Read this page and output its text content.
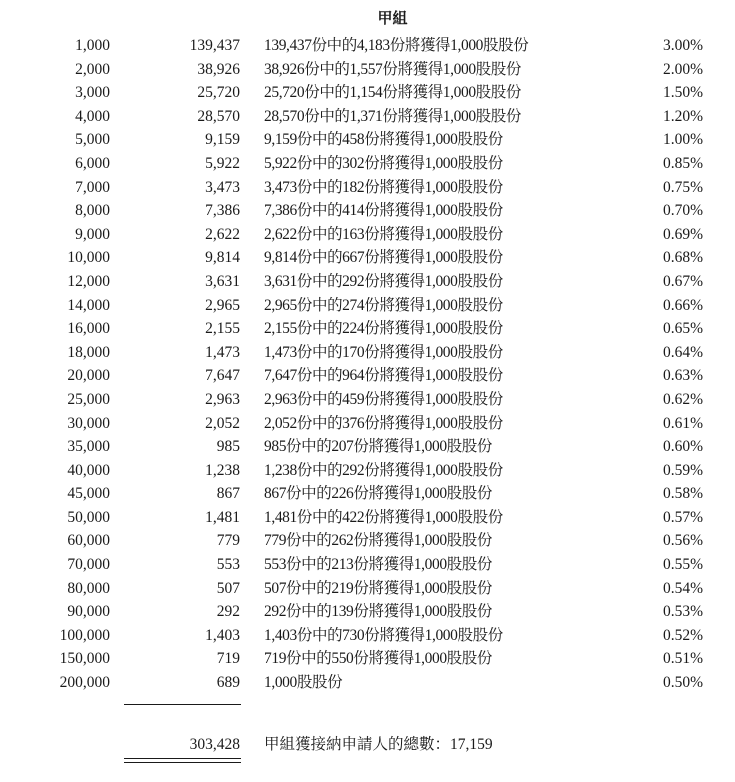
甲組
1,000	139,437 139,437份中的4,183份將獲得1,000股股份	3.00%
2,000	38,926 38,926份中的1,557份將獲得1,000股股份	2.00%
3,000	25,720 25,720份中的1,154份將獲得1,000股股份	1.50%
4,000	28,570 28,570份中的1,371份將獲得1,000股股份	1.20%
5,000	9,159 9,159份中的458份將獲得1,000股股份	1.00%
6,000	5,922 5,922份中的302份將獲得1,000股股份	0.85%
7,000	3,473 3,473份中的182份將獲得1,000股股份	0.75%
8,000	7,386 7,386份中的414份將獲得1,000股股份	0.70%
9,000	2,622 2,622份中的163份將獲得1,000股股份	0.69%
10,000	9,814 9,814份中的667份將獲得1,000股股份	0.68%
12,000	3,631 3,631份中的292份將獲得1,000股股份	0.67%
14,000	2,965 2,965份中的274份將獲得1,000股股份	0.66%
16,000	2,155 2,155份中的224份將獲得1,000股股份	0.65%
18,000	1,473 1,473份中的170份將獲得1,000股股份	0.64%
20,000	7,647 7,647份中的964份將獲得1,000股股份	0.63%
25,000	2,963 2,963份中的459份將獲得1,000股股份	0.62%
30,000	2,052 2,052份中的376份將獲得1,000股股份	0.61%
35,000	985 985份中的207份將獲得1,000股股份	0.60%
40,000	1,238 1,238份中的292份將獲得1,000股股份	0.59%
45,000	867 867份中的226份將獲得1,000股股份	0.58%
50,000	1,481 1,481份中的422份將獲得1,000股股份	0.57%
60,000	779 779份中的262份將獲得1,000股股份	0.56%
70,000	553 553份中的213份將獲得1,000股股份	0.55%
80,000	507 507份中的219份將獲得1,000股股份	0.54%
90,000	292 292份中的139份將獲得1,000股股份	0.53%
100,000	1,403 1,403份中的730份將獲得1,000股股份	0.52%
150,000	719 719份中的550份將獲得1,000股股份	0.51%
200,000	689 1,000股股份	0.50%
303,428 甲組獲接納申請人的總數：17,159
